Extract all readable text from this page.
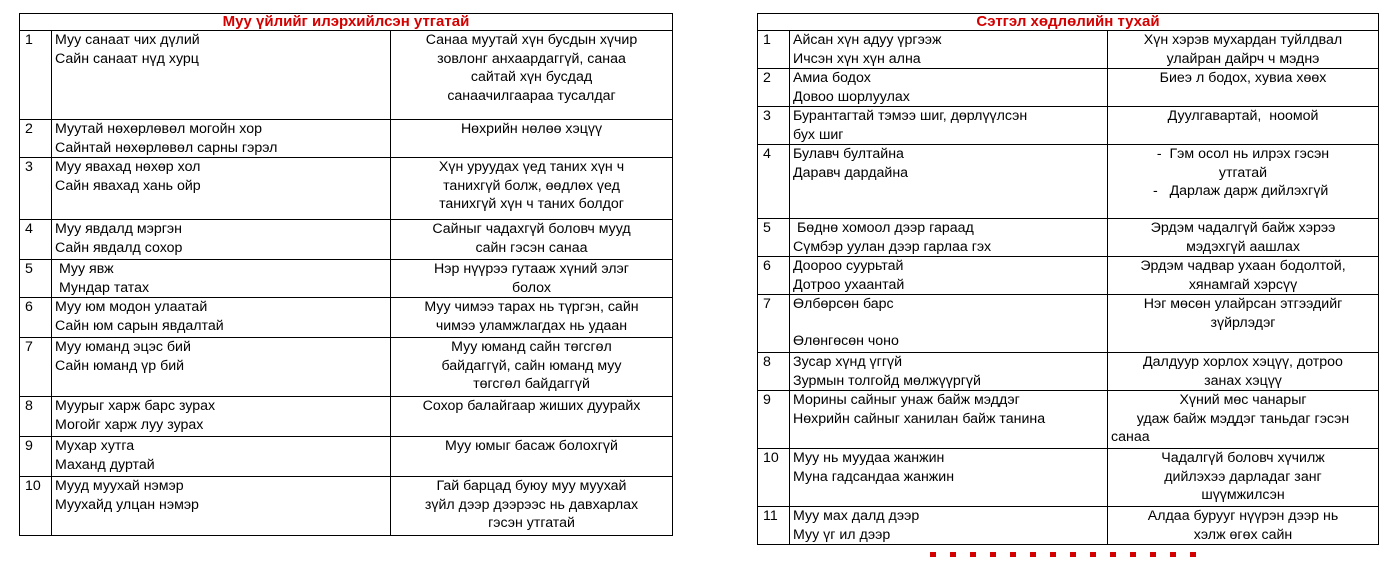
Муу үйлийг илэрхийлсэн утгатай		
1	Муу санаат чих дүлий
Сайн санаат нүд хурц	Санаа муутай хүн бусдын хүчир
зовлонг анхаардаггүй, санаа
сайтай хүн бусдад
санаачилгаараа тусалдаг

2	Муутай нөхөрлөвөл могойн хор
Сайнтай нөхөрлөвөл сарны гэрэл	Нөхрийн нөлөө хэцүү

3	Муу явахад нөхөр хол
Сайн явахад хань ойр	Хүн уруудах үед таних хүн ч
танихгүй болж, өөдлөх үед
танихгүй хүн ч таних болдог

4	Муу явдалд мэргэн
Сайн явдалд сохор	Сайныг чадахгүй боловч мууд
сайн гэсэн санаа

5	Муу явж
Мундар татах	Нэр нүүрээ гутааж хүний элэг
болох

6	Муу юм модон улаатай
Сайн юм сарын явдалтай	Муу чимээ тарах нь түргэн, сайн
чимээ уламжлагдах нь удаан

7	Муу юманд эцэс бий
Сайн юманд үр бий	Муу юманд сайн төгсгөл
байдаггүй, сайн юманд муу
төгсгөл байдаггүй

8	Муурыг харж барс зурах
Могойг харж луу зурах	Сохор балайгаар жиших дуурайх

9	Мухар хутга
Маханд дуртай	Муу юмыг басаж болохгүй

10	Мууд муухай нэмэр
Муухайд улцан нэмэр	Гай барцад буюу муу муухай
зүйл дээр дээрээс нь давхарлах
гэсэн утгатай
Сэтгэл хөдлөлийн тухай		
1	Айсан хүн адуу үргээж
Ичсэн хүн хүн ална	Хүн хэрэв мухардан туйлдвал
улайран дайрч ч мэднэ

2	Амиа бодох
Довоо шорлуулах	Биеэ л бодох, хувиа хөөх

3	Бурантагтай тэмээ шиг, дөрлүүлсэн
бух шиг	Дуулгавартай,  ноомой

4	Булавч бултайна
Даравч дардайна	-  Гэм осол нь илрэх гэсэн
утгатай
-   Дарлаж дарж дийлэхгүй

5	Бөднө хомоол дээр гараад
Сүмбэр уулан дээр гарлаа гэх	Эрдэм чадалгүй байж хэрээ
мэдэхгүй аашлах

6	Дooроо суурьтай
Дотроо ухаантай	Эрдэм чадвар ухаан бодолтой,
хянамгай хэрсүү

7	Өлбөрсөн барс
Өлөнгөсөн чоно	Нэг мөсөн улайрсан этгээдийг
зүйрлэдэг

8	Зусар хүнд үггүй
Зурмын толгойд мөлжүүргүй	Далдуур хорлох хэцүү, дотроо
занах хэцүү

9	Морины сайныг унаж байж мэддэг
Нөхрийн сайныг ханилан байж танина	Хүний мөс чанарыг
удаж байж мэддэг таньдаг гэсэн
санаа

10	Муу нь муудаа жанжин
Муна гадсандаа жанжин	Чадалгүй боловч хүчилж
дийлэхээ дарладаг занг
шүүмжилсэн

11	Муу мах далд дээр
Муу үг ил дээр	Алдаа бурууг нүүрэн дээр нь
хэлж өгөх сайн
